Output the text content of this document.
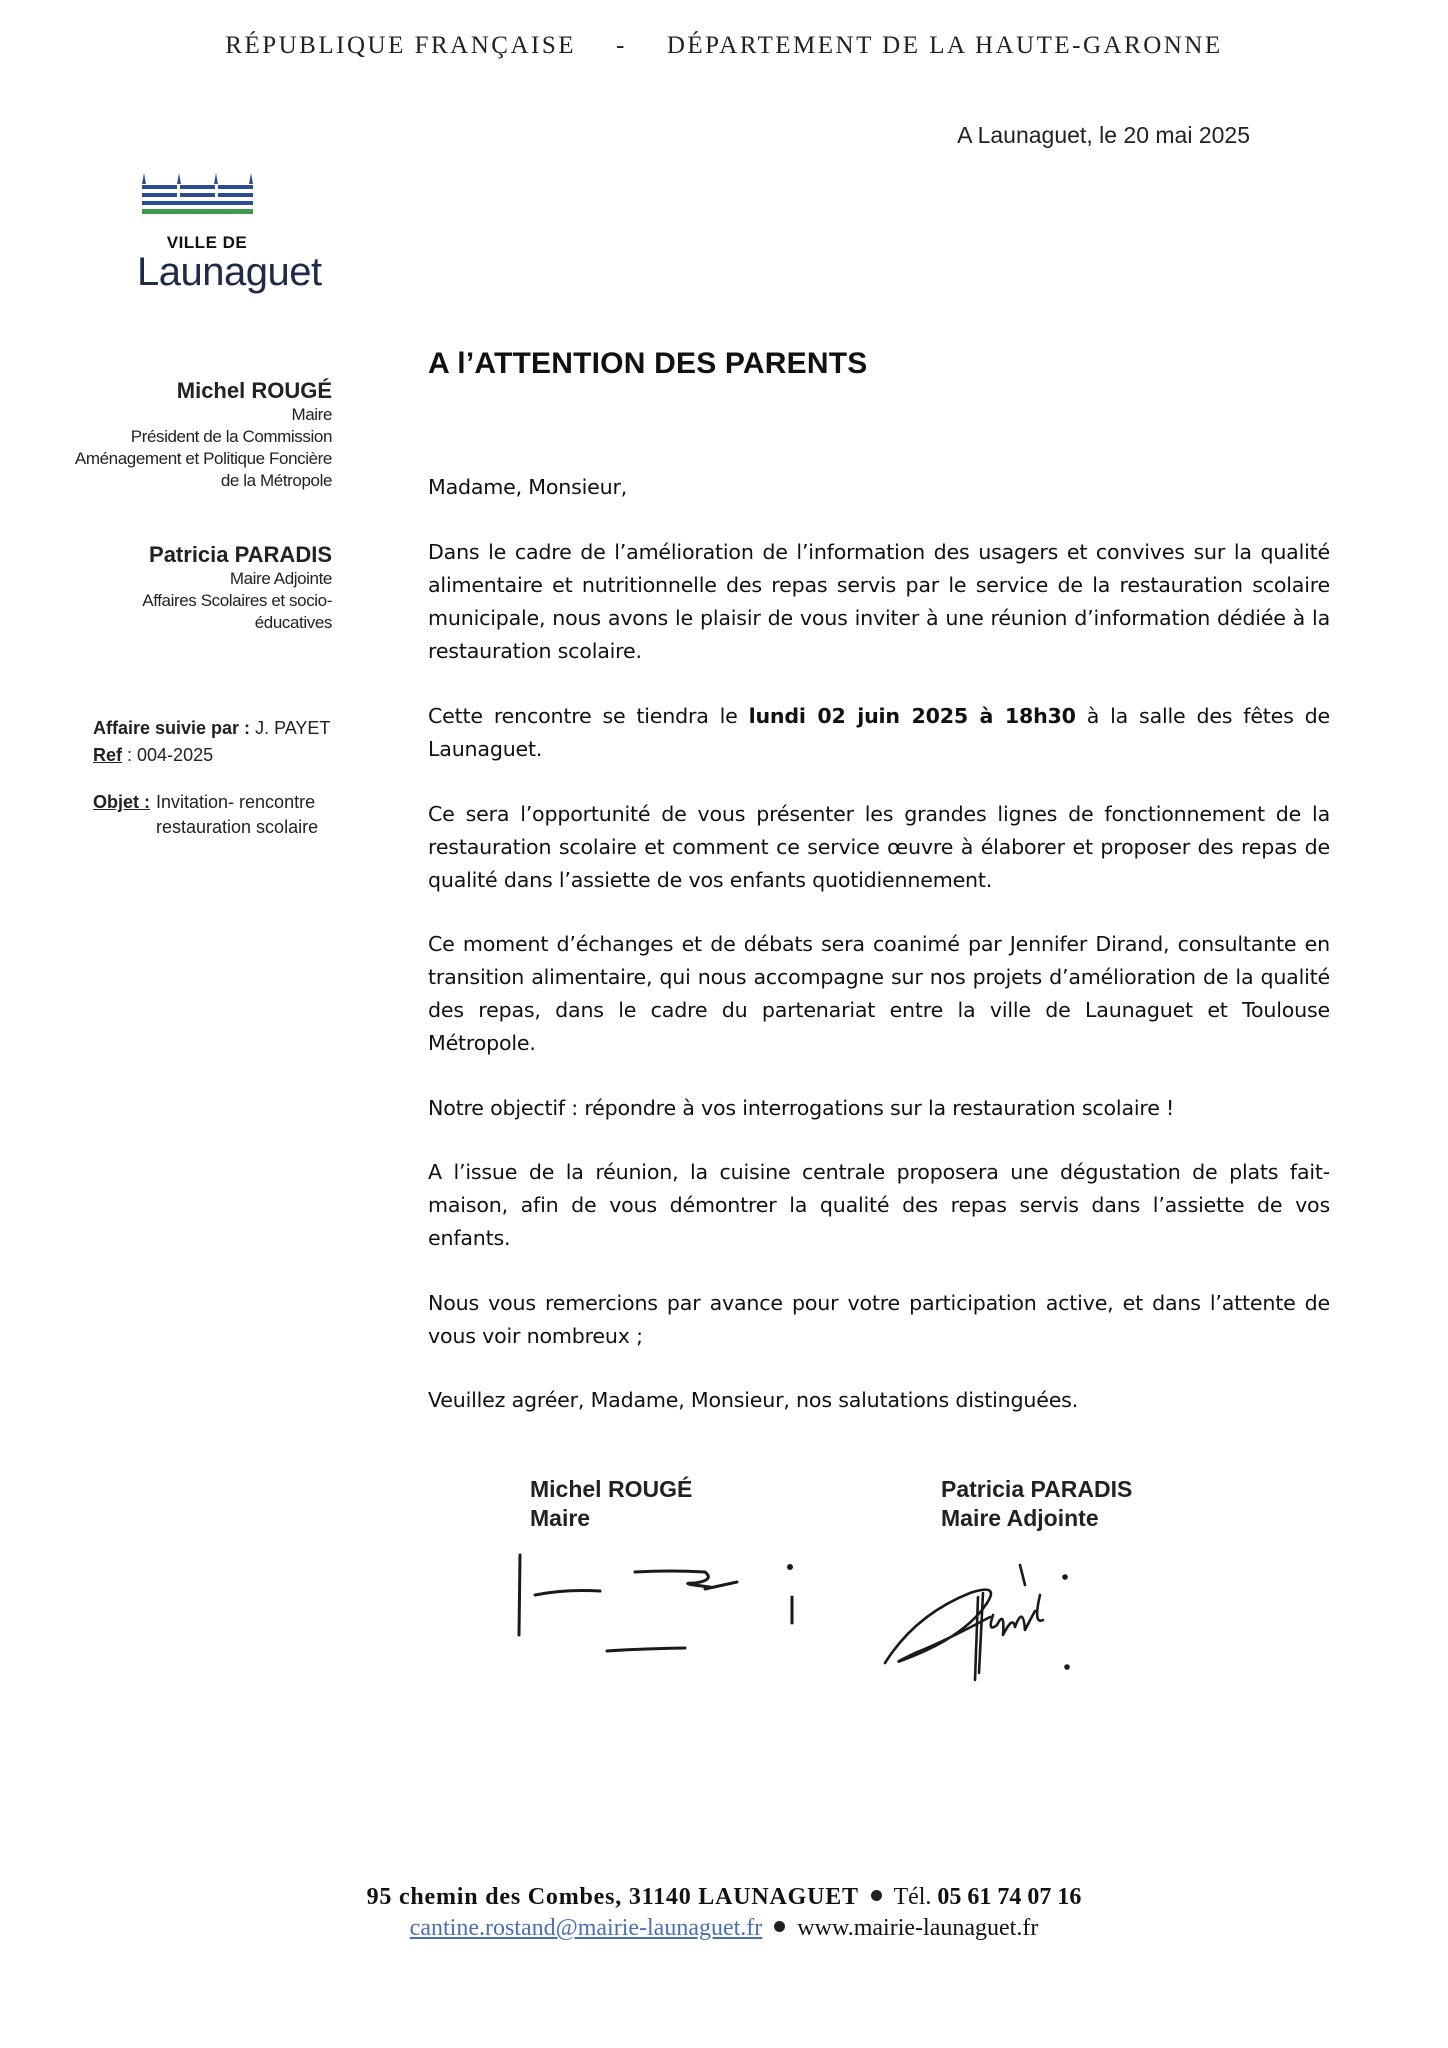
RÉPUBLIQUE FRANÇAISE - DÉPARTEMENT DE LA HAUTE-GARONNE
A Launaguet, le 20 mai 2025
VILLE DE
Launaguet
Michel ROUGÉ
Maire
Président de la Commission
Aménagement et Politique Foncière
de la Métropole
Patricia PARADIS
Maire Adjointe
Affaires Scolaires et socio-éducatives
Affaire suivie par : J. PAYET
Ref : 004-2025
Objet : Invitation- rencontre restauration scolaire
A l’ATTENTION DES PARENTS

Madame, Monsieur,

Dans le cadre de l’amélioration de l’information des usagers et convives sur la qualité alimentaire et nutritionnelle des repas servis par le service de la restauration scolaire municipale, nous avons le plaisir de vous inviter à une réunion d’information dédiée à la restauration scolaire.

Cette rencontre se tiendra le lundi 02 juin 2025 à 18h30 à la salle des fêtes de Launaguet.

Ce sera l’opportunité de vous présenter les grandes lignes de fonctionnement de la restauration scolaire et comment ce service œuvre à élaborer et proposer des repas de qualité dans l’assiette de vos enfants quotidiennement.

Ce moment d’échanges et de débats sera coanimé par Jennifer Dirand, consultante en transition alimentaire, qui nous accompagne sur nos projets d’amélioration de la qualité des repas, dans le cadre du partenariat entre la ville de Launaguet et Toulouse Métropole.

Notre objectif : répondre à vos interrogations sur la restauration scolaire !

A l’issue de la réunion, la cuisine centrale proposera une dégustation de plats fait-maison, afin de vous démontrer la qualité des repas servis dans l’assiette de vos enfants.

Nous vous remercions par avance pour votre participation active, et dans l’attente de vous voir nombreux ;

Veuillez agréer, Madame, Monsieur, nos salutations distinguées.

Michel ROUGÉ
Maire
Patricia PARADIS
Maire Adjointe
95 chemin des Combes, 31140 LAUNAGUET Tél. 05 61 74 07 16
cantine.rostand@mairie-launaguet.fr www.mairie-launaguet.fr
